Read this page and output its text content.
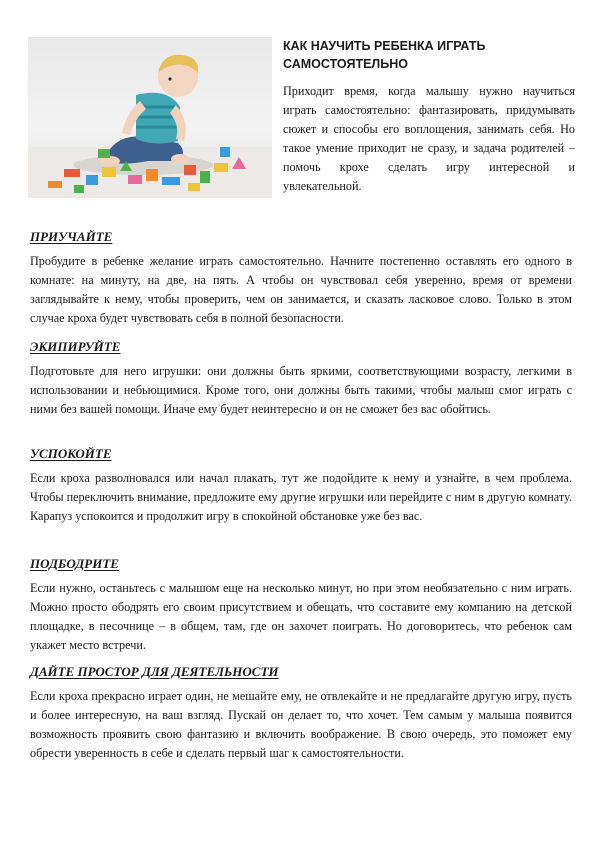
КАК НАУЧИТЬ РЕБЕНКА ИГРАТЬ САМОСТОЯТЕЛЬНО

Приходит время, когда малышу нужно научиться играть самостоятельно: фантазировать, придумывать сюжет и способы его воплощения, занимать себя. Но такое умение приходит не сразу, и задача родителей – помочь крохе сделать игру интересной и увлекательной.

ПРИУЧАЙТЕ

Пробудите в ребенке желание играть самостоятельно. Начните постепенно оставлять его одного в комнате: на минуту, на две, на пять. А чтобы он чувствовал себя уверенно, время от времени заглядывайте к нему, чтобы проверить, чем он занимается, и сказать ласковое слово. Только в этом случае кроха будет чувствовать себя в полной безопасности.

ЭКИПИРУЙТЕ

Подготовьте для него игрушки: они должны быть яркими, соответствующими возрасту, легкими в использовании и небьющимися. Кроме того, они должны быть такими, чтобы малыш смог играть с ними без вашей помощи. Иначе ему будет неинтересно и он не сможет без вас обойтись.

УСПОКОЙТЕ

Если кроха разволновался или начал плакать, тут же подойдите к нему и узнайте, в чем проблема. Чтобы переключить внимание, предложите ему другие игрушки или перейдите с ним в другую комнату. Карапуз успокоится и продолжит игру в спокойной обстановке уже без вас.

ПОДБОДРИТЕ

Если нужно, останьтесь с малышом еще на несколько минут, но при этом необязательно с ним играть. Можно просто ободрять его своим присутствием и обещать, что составите ему компанию на детской площадке, в песочнице – в общем, там, где он захочет поиграть. Но договоритесь, что ребенок сам укажет место встречи.

ДАЙТЕ ПРОСТОР ДЛЯ ДЕЯТЕЛЬНОСТИ

Если кроха прекрасно играет один, не мешайте ему, не отвлекайте и не предлагайте другую игру, пусть и более интересную, на ваш взгляд. Пускай он делает то, что хочет. Тем самым у малыша появится возможность проявить свою фантазию и включить воображение. В свою очередь, это поможет ему обрести уверенность в себе и сделать первый шаг к самостоятельности.
